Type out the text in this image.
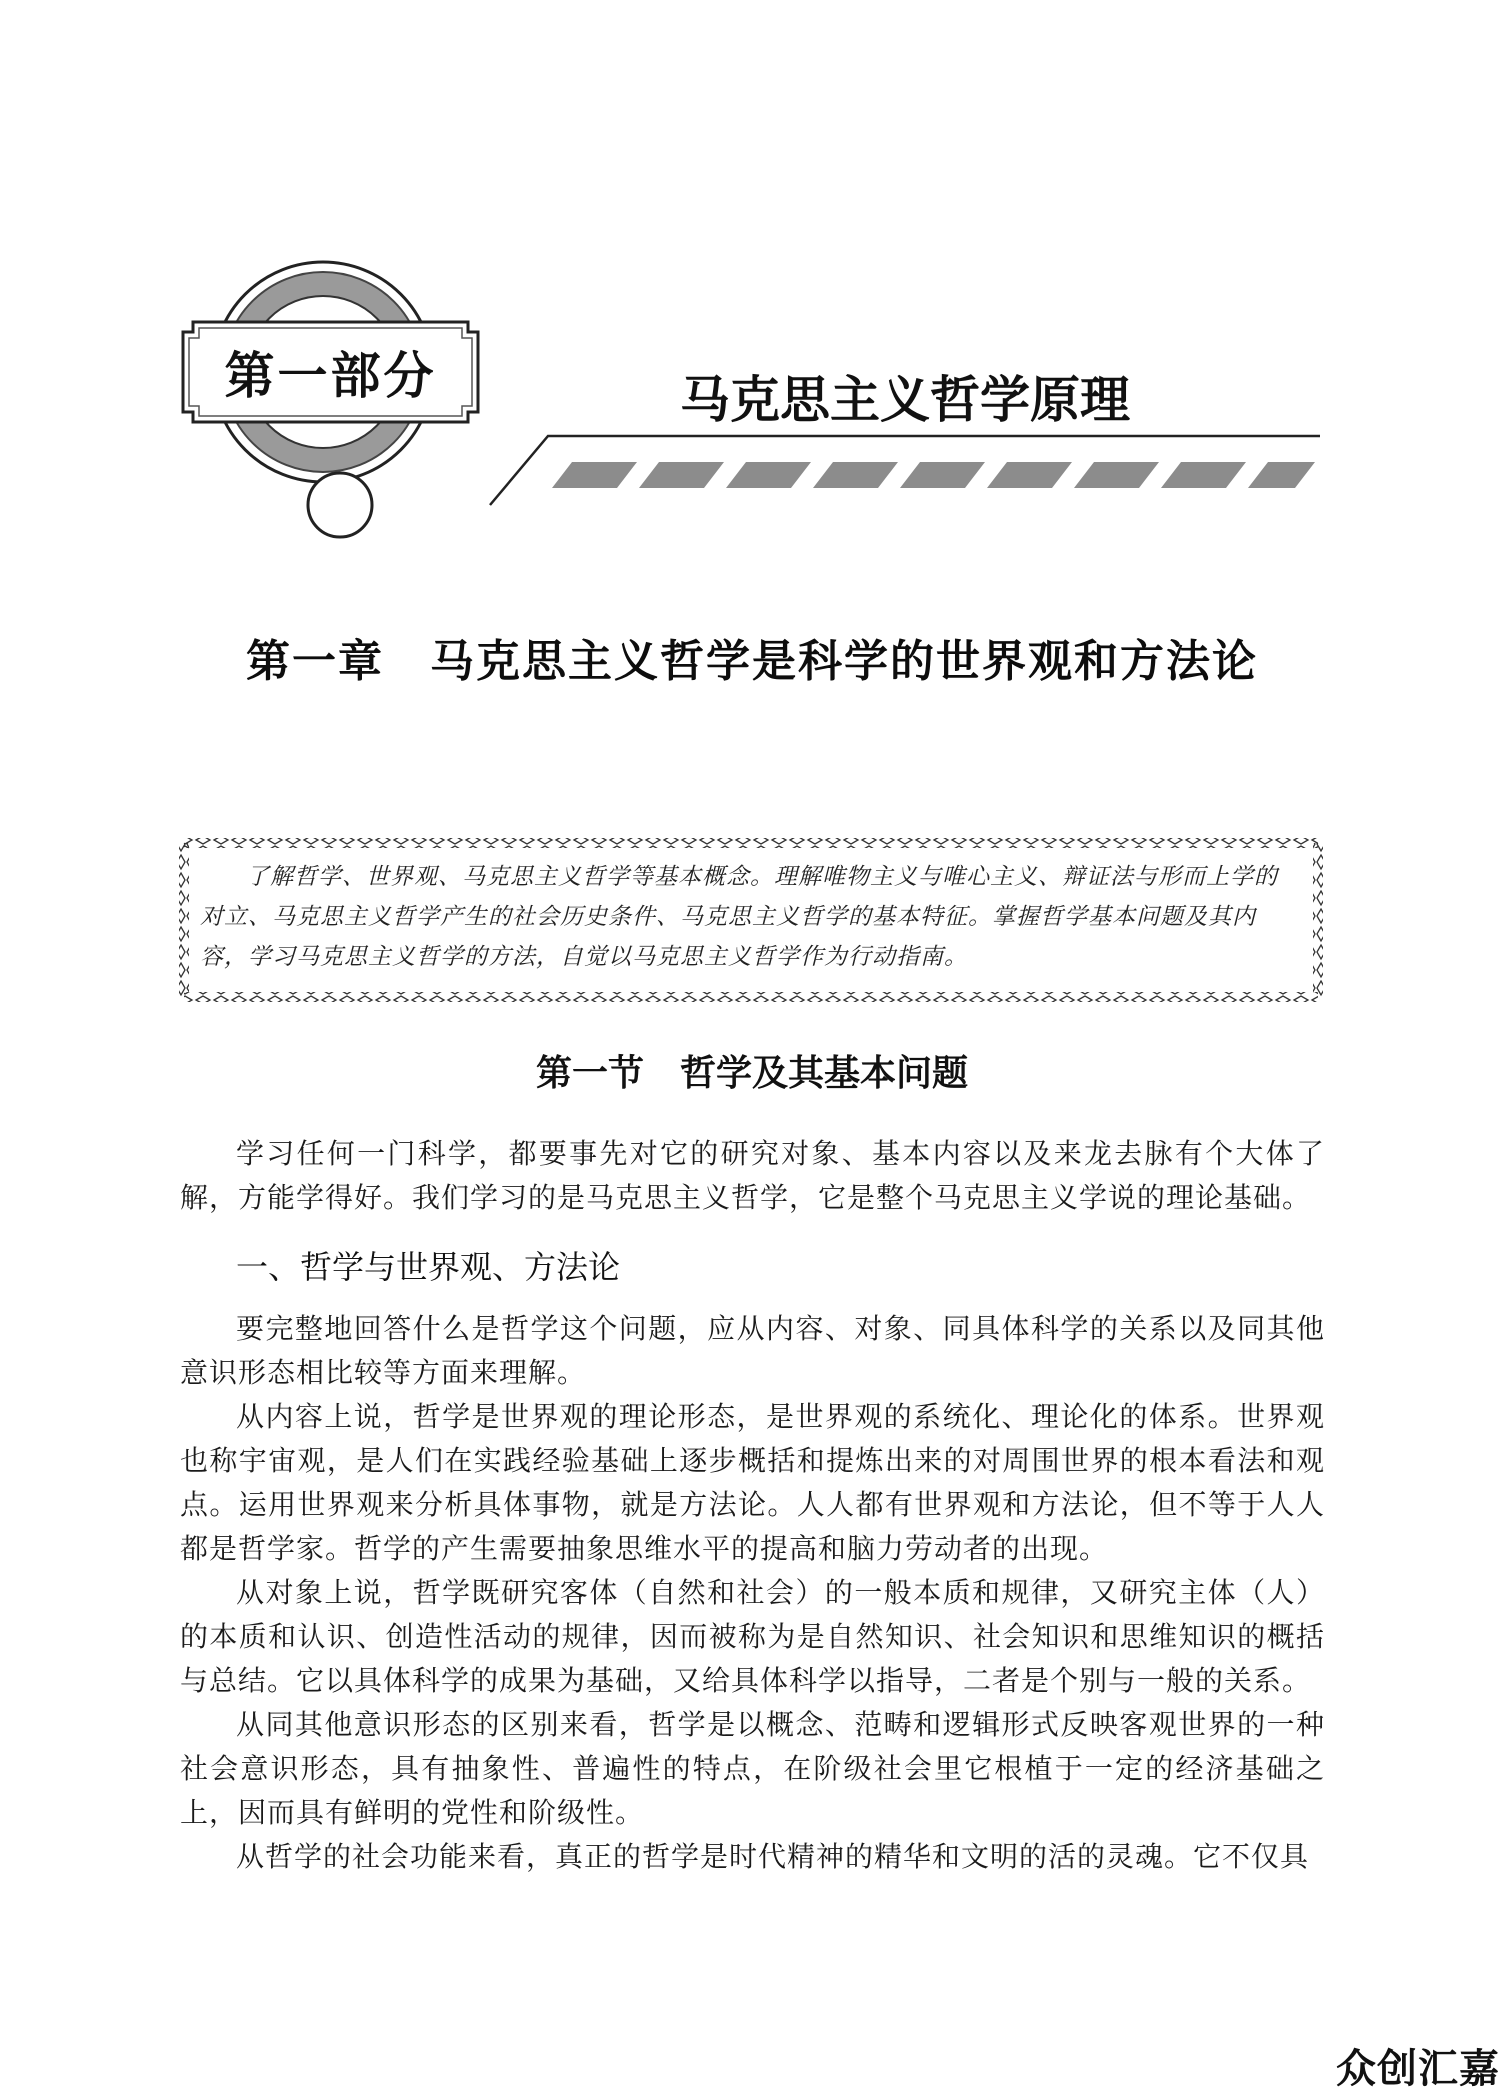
第一部分	马克思主义哲学原理
第一章　马克思主义哲学是科学的世界观和方法论
学习目标

了解哲学、世界观、马克思主义哲学等基本概念。理解唯物主义与唯心主义、辩证法与形而上学的对立、马克思主义哲学产生的社会历史条件、马克思主义哲学的基本特征。掌握哲学基本问题及其内容，学习马克思主义哲学的方法，自觉以马克思主义哲学作为行动指南。

第一节　哲学及其基本问题

学习任何一门科学，都要事先对它的研究对象、基本内容以及来龙去脉有个大体了解，方能学得好。我们学习的是马克思主义哲学，它是整个马克思主义学说的理论基础。

一、哲学与世界观、方法论

要完整地回答什么是哲学这个问题，应从内容、对象、同具体科学的关系以及同其他意识形态相比较等方面来理解。

从内容上说，哲学是世界观的理论形态，是世界观的系统化、理论化的体系。世界观也称宇宙观，是人们在实践经验基础上逐步概括和提炼出来的对周围世界的根本看法和观点。运用世界观来分析具体事物，就是方法论。人人都有世界观和方法论，但不等于人人都是哲学家。哲学的产生需要抽象思维水平的提高和脑力劳动者的出现。

从对象上说，哲学既研究客体（自然和社会）的一般本质和规律，又研究主体（人）的本质和认识、创造性活动的规律，因而被称为是自然知识、社会知识和思维知识的概括与总结。它以具体科学的成果为基础，又给具体科学以指导，二者是个别与一般的关系。

从同其他意识形态的区别来看，哲学是以概念、范畴和逻辑形式反映客观世界的一种社会意识形态，具有抽象性、普遍性的特点，在阶级社会里它根植于一定的经济基础之上，因而具有鲜明的党性和阶级性。

从哲学的社会功能来看，真正的哲学是时代精神的精华和文明的活的灵魂。它不仅具

众创汇嘉
